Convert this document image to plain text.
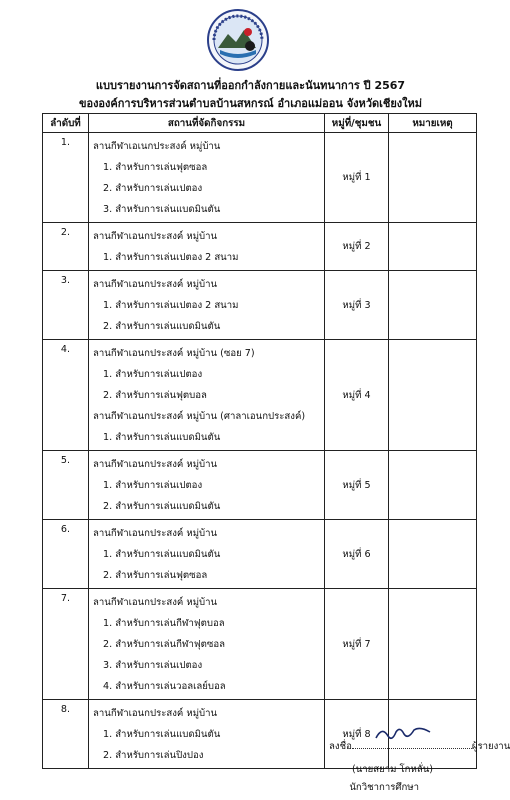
แบบรายงานการจัดสถานที่ออกกำลังกายและนันทนาการ ปี 2567
ขององค์การบริหารส่วนตำบลบ้านสหกรณ์ อำเภอแม่ออน จังหวัดเชียงใหม่
ลำดับที่	สถานที่จัดกิจกรรม	หมู่ที่/ชุมชน	หมายเหตุ
1.	ลานกีฬาเอเนกประสงค์ หมู่บ้าน
1. สำหรับการเล่นฟุตซอล
2. สำหรับการเล่นเปตอง
3. สำหรับการเล่นแบดมินตัน	หมู่ที่ 1	
2.	ลานกีฬาเอนกประสงค์ หมู่บ้าน
1. สำหรับการเล่นเปตอง 2 สนาม	หมู่ที่ 2	
3.	ลานกีฬาเอนกประสงค์ หมู่บ้าน
1. สำหรับการเล่นเปตอง 2 สนาม
2. สำหรับการเล่นแบดมินตัน	หมู่ที่ 3	
4.	ลานกีฬาเอนกประสงค์ หมู่บ้าน (ซอย 7)
1. สำหรับการเล่นเปตอง
2. สำหรับการเล่นฟุตบอล
ลานกีฬาเอนกประสงค์ หมู่บ้าน (ศาลาเอนกประสงค์)
1. สำหรับการเล่นแบดมินตัน	หมู่ที่ 4	
5.	ลานกีฬาเอนกประสงค์ หมู่บ้าน
1. สำหรับการเล่นเปตอง
2. สำหรับการเล่นแบดมินตัน	หมู่ที่ 5	
6.	ลานกีฬาเอนกประสงค์ หมู่บ้าน
1. สำหรับการเล่นแบดมินตัน
2. สำหรับการเล่นฟุตซอล	หมู่ที่ 6	
7.	ลานกีฬาเอนกประสงค์ หมู่บ้าน
1. สำหรับการเล่นกีฬาฟุตบอล
2. สำหรับการเล่นกีฬาฟุตซอล
3. สำหรับการเล่นเปตอง
4. สำหรับการเล่นวอลเลย์บอล	หมู่ที่ 7	
8.	ลานกีฬาเอนกประสงค์ หมู่บ้าน
1. สำหรับการเล่นแบดมินตัน
2. สำหรับการเล่นปิงปอง	หมู่ที่ 8	
ลงชื่อ	ผู้รายงาน
(นายสยาม โกหลั่น)
นักวิชาการศึกษา
